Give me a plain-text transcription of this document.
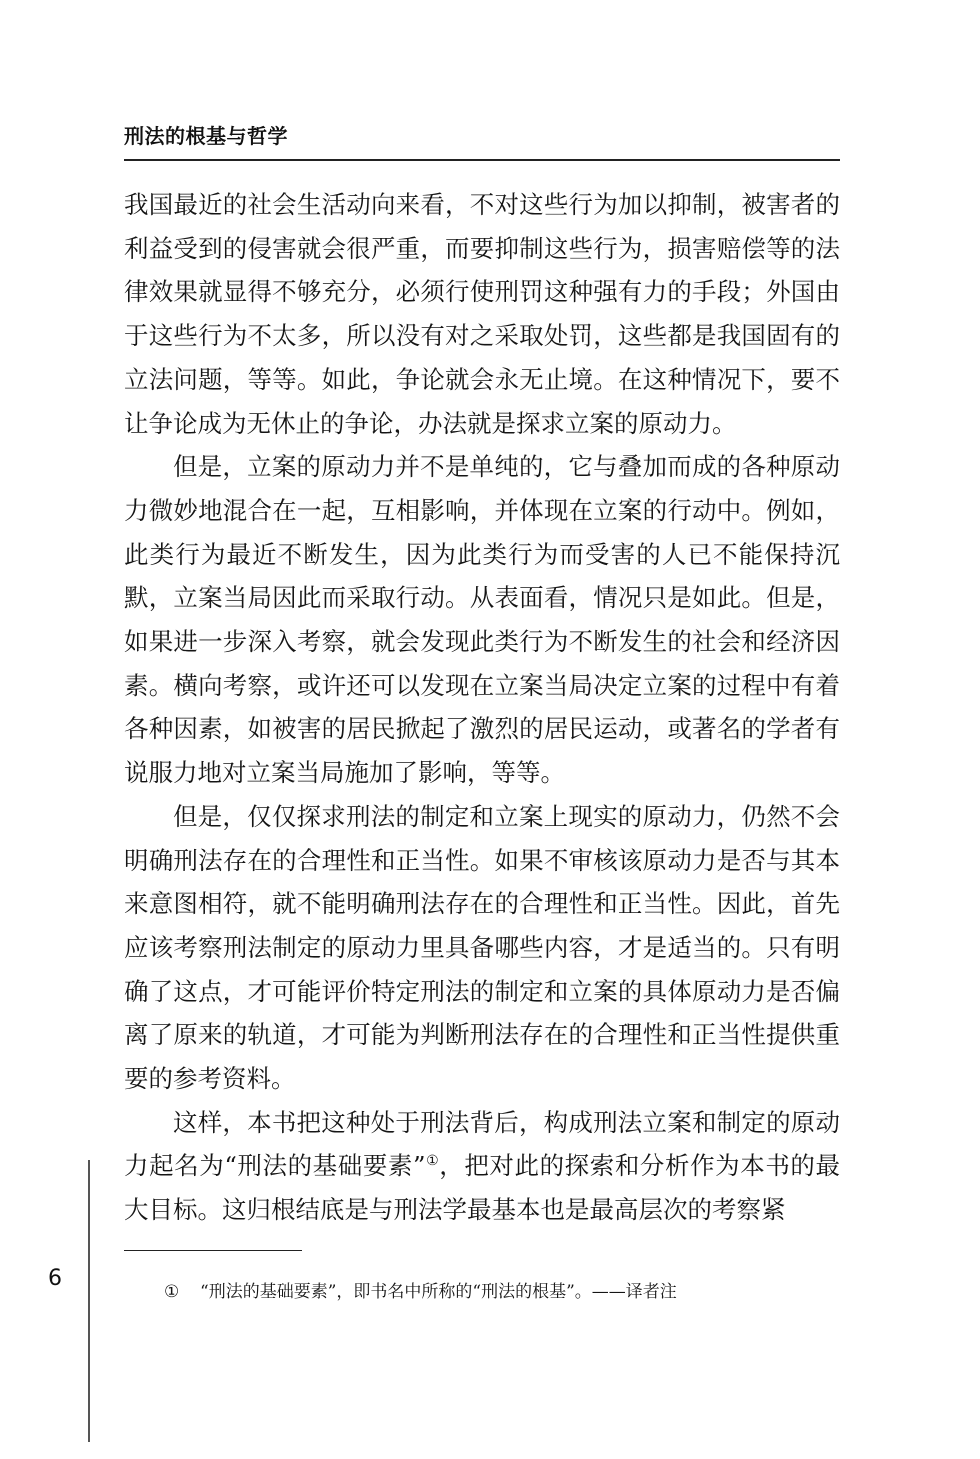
刑法的根基与哲学

我国最近的社会生活动向来看，不对这些行为加以抑制，被害者的利益受到的侵害就会很严重，而要抑制这些行为，损害赔偿等的法律效果就显得不够充分，必须行使刑罚这种强有力的手段；外国由于这些行为不太多，所以没有对之采取处罚，这些都是我国固有的立法问题，等等。如此，争论就会永无止境。在这种情况下，要不让争论成为无休止的争论，办法就是探求立案的原动力。

但是，立案的原动力并不是单纯的，它与叠加而成的各种原动力微妙地混合在一起，互相影响，并体现在立案的行动中。例如，此类行为最近不断发生，因为此类行为而受害的人已不能保持沉默，立案当局因此而采取行动。从表面看，情况只是如此。但是，如果进一步深入考察，就会发现此类行为不断发生的社会和经济因素。横向考察，或许还可以发现在立案当局决定立案的过程中有着各种因素，如被害的居民掀起了激烈的居民运动，或著名的学者有说服力地对立案当局施加了影响，等等。

但是，仅仅探求刑法的制定和立案上现实的原动力，仍然不会明确刑法存在的合理性和正当性。如果不审核该原动力是否与其本来意图相符，就不能明确刑法存在的合理性和正当性。因此，首先应该考察刑法制定的原动力里具备哪些内容，才是适当的。只有明确了这点，才可能评价特定刑法的制定和立案的具体原动力是否偏离了原来的轨道，才可能为判断刑法存在的合理性和正当性提供重要的参考资料。

这样，本书把这种处于刑法背后，构成刑法立案和制定的原动力起名为“刑法的基础要素”①，把对此的探索和分析作为本书的最大目标。这归根结底是与刑法学最基本也是最高层次的考察紧

① “刑法的基础要素”，即书名中所称的“刑法的根基”。——译者注
6
